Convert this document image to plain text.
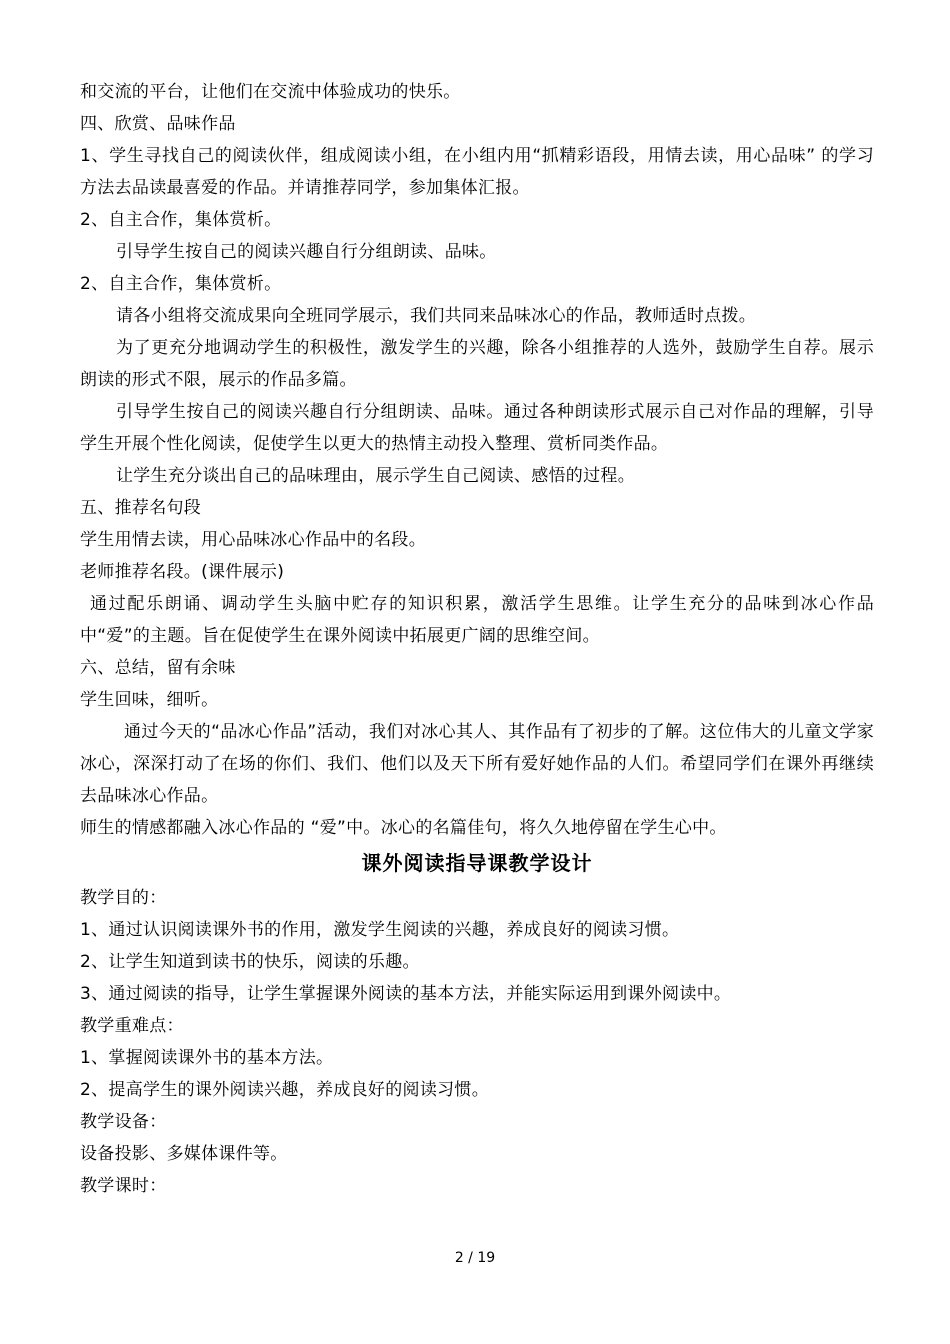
和交流的平台，让他们在交流中体验成功的快乐。
四、欣赏、品味作品
1、学生寻找自己的阅读伙伴，组成阅读小组，在小组内用“抓精彩语段，用情去读，用心品味” 的学习方法去品读最喜爱的作品。并请推荐同学，参加集体汇报。
2、自主合作，集体赏析。
引导学生按自己的阅读兴趣自行分组朗读、品味。
2、自主合作，集体赏析。
请各小组将交流成果向全班同学展示，我们共同来品味冰心的作品，教师适时点拨。
为了更充分地调动学生的积极性，激发学生的兴趣，除各小组推荐的人选外，鼓励学生自荐。展示朗读的形式不限，展示的作品多篇。
引导学生按自己的阅读兴趣自行分组朗读、品味。通过各种朗读形式展示自己对作品的理解，引导学生开展个性化阅读，促使学生以更大的热情主动投入整理、赏析同类作品。
让学生充分谈出自己的品味理由，展示学生自己阅读、感悟的过程。
五、推荐名句段
学生用情去读，用心品味冰心作品中的名段。
老师推荐名段。(课件展示)
通过配乐朗诵、调动学生头脑中贮存的知识积累，激活学生思维。让学生充分的品味到冰心作品中“爱”的主题。旨在促使学生在课外阅读中拓展更广阔的思维空间。
六、总结，留有余味
学生回味，细听。
通过今天的“品冰心作品”活动，我们对冰心其人、其作品有了初步的了解。这位伟大的儿童文学家冰心，深深打动了在场的你们、我们、他们以及天下所有爱好她作品的人们。希望同学们在课外再继续去品味冰心作品。
师生的情感都融入冰心作品的 “爱”中。冰心的名篇佳句，将久久地停留在学生心中。
课外阅读指导课教学设计
教学目的：
1、通过认识阅读课外书的作用，激发学生阅读的兴趣，养成良好的阅读习惯。
2、让学生知道到读书的快乐，阅读的乐趣。
3、通过阅读的指导，让学生掌握课外阅读的基本方法，并能实际运用到课外阅读中。
教学重难点：
1、掌握阅读课外书的基本方法。
2、提高学生的课外阅读兴趣，养成良好的阅读习惯。
教学设备：
设备投影、多媒体课件等。
教学课时：
2 / 19
